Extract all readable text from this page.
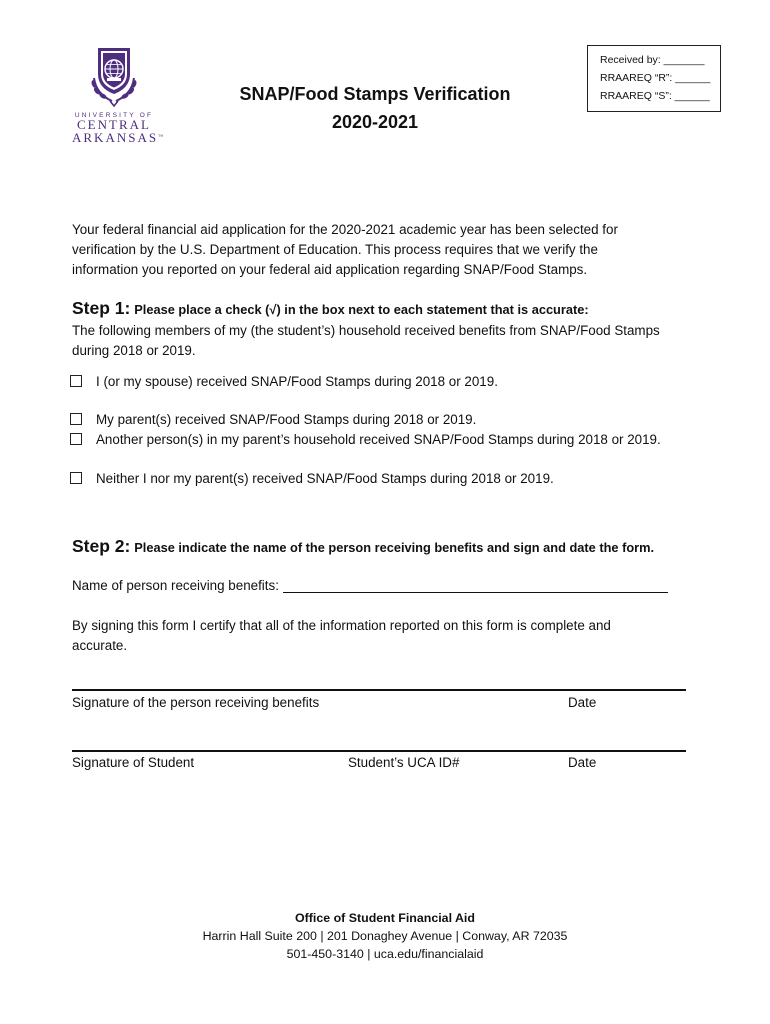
UNIVERSITY OF
CENTRAL
ARKANSAS™
SNAP/Food Stamps Verification
2020-2021
Received by: _______
RRAAREQ “R”: ______
RRAAREQ “S”: ______
Your federal financial aid application for the 2020-2021 academic year has been selected for
verification by the U.S. Department of Education. This process requires that we verify the
information you reported on your federal aid application regarding SNAP/Food Stamps.
Step 1: Please place a check (√) in the box next to each statement that is accurate:
The following members of my (the student’s) household received benefits from SNAP/Food Stamps
during 2018 or 2019.
I (or my spouse) received SNAP/Food Stamps during 2018 or 2019.
My parent(s) received SNAP/Food Stamps during 2018 or 2019.
Another person(s) in my parent’s household received SNAP/Food Stamps during 2018 or 2019.
Neither I nor my parent(s) received SNAP/Food Stamps during 2018 or 2019.
Step 2: Please indicate the name of the person receiving benefits and sign and date the form.
Name of person receiving benefits:
By signing this form I certify that all of the information reported on this form is complete and
accurate.
Signature of the person receiving benefits	Date
Signature of Student	Student’s UCA ID#	Date
Office of Student Financial Aid
Harrin Hall Suite 200 | 201 Donaghey Avenue | Conway, AR 72035
501-450-3140 | uca.edu/financialaid
